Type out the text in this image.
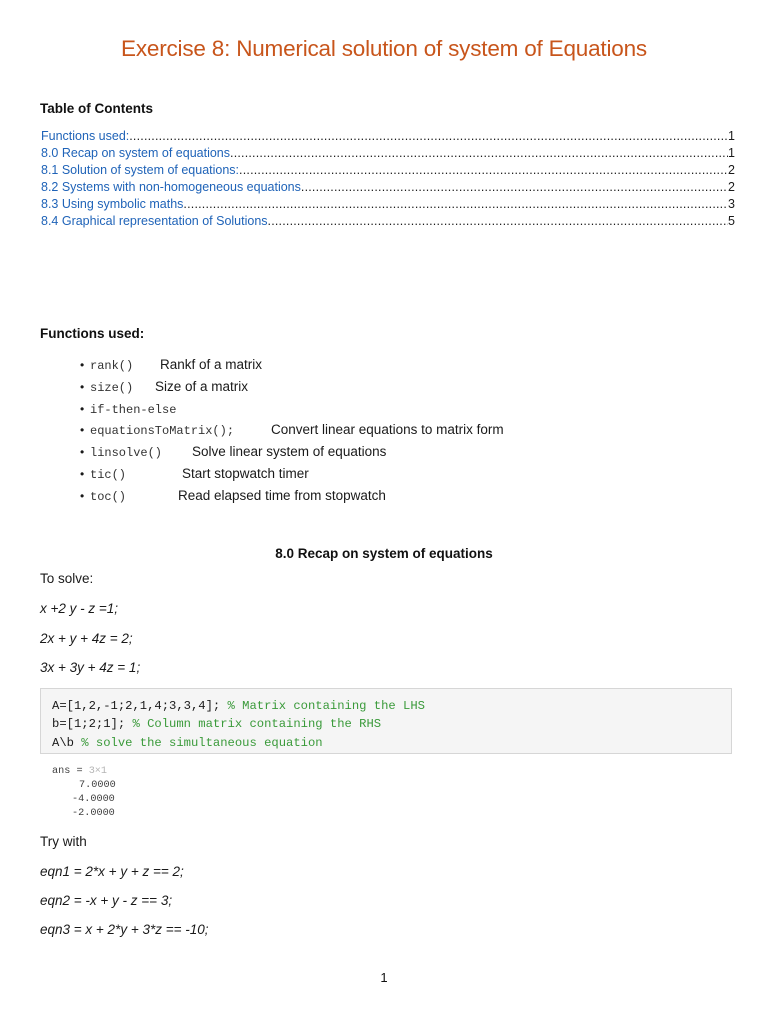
Exercise 8: Numerical solution of system of Equations
Table of Contents
Functions used: .....	1
8.0 Recap on system of equations .....	1
8.1 Solution of system of equations: .....	2
8.2 Systems with non-homogeneous equations .....	2
8.3 Using symbolic maths .....	3
8.4 Graphical representation of Solutions .....	5
Functions used:
• rank() Rankf of a matrix
• size() Size of a matrix
• if-then-else
• equationsToMatrix();	Convert linear equations to matrix form
• linsolve() Solve linear system of equations
• tic()	Start stopwatch timer
• toc()	Read elapsed time from stopwatch
8.0 Recap on system of equations
To solve:
x +2 y - z =1;
2x + y + 4z = 2;
3x + 3y + 4z = 1;
A=[1,2,-1;2,1,4;3,3,4]; % Matrix containing the LHS
b=[1;2;1]; % Column matrix containing the RHS
A\b % solve the simultaneous equation
ans = 3×1
7.0000
-4.0000
-2.0000
Try with
eqn1 = 2*x + y + z == 2;
eqn2 = -x + y - z == 3;
eqn3 = x + 2*y + 3*z == -10;
1
